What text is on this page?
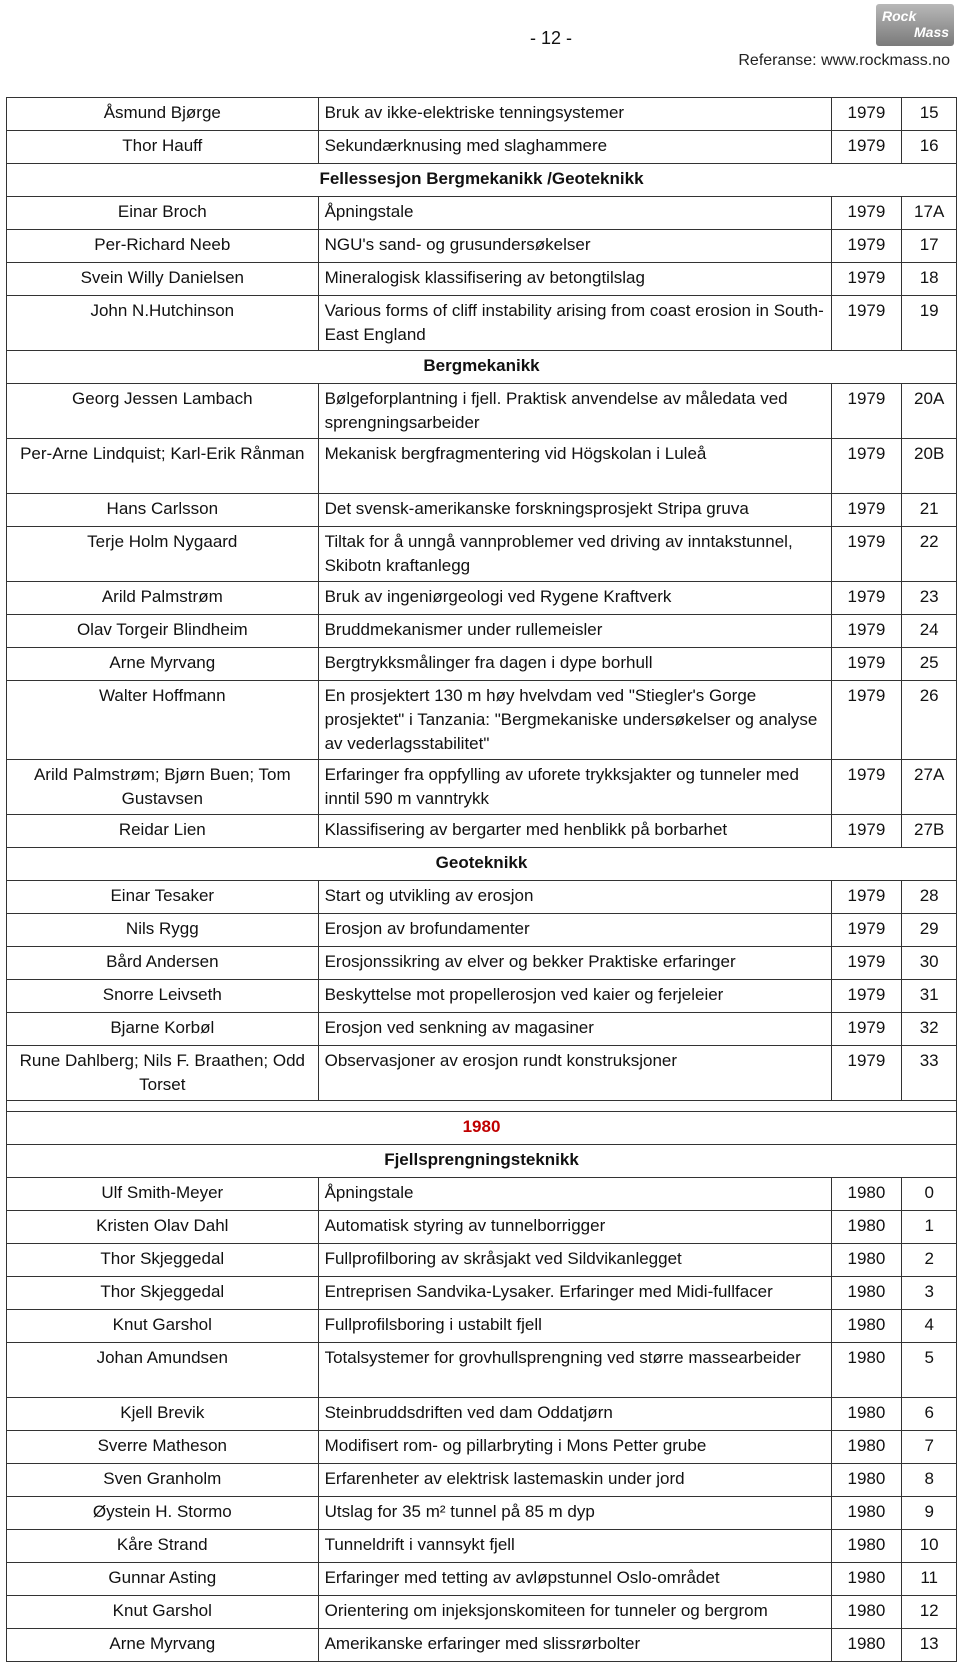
- 12 -
Rock
Mass
Referanse: www.rockmass.no
Åsmund Bjørge	Bruk av ikke-elektriske tenningsystemer	1979	15
Thor Hauff	Sekundærknusing med slaghammere	1979	16
Fellessesjon Bergmekanikk /Geoteknikk			
Einar Broch	Åpningstale	1979	17A
Per-Richard Neeb	NGU's sand- og grusundersøkelser	1979	17
Svein Willy Danielsen	Mineralogisk klassifisering av betongtilslag	1979	18
John N.Hutchinson	Various forms of cliff instability arising from coast erosion in South-East England	1979	19
Bergmekanikk			
Georg Jessen Lambach	Bølgeforplantning i fjell. Praktisk anvendelse av måledata ved sprengningsarbeider	1979	20A
Per-Arne Lindquist; Karl-Erik Rånman	Mekanisk bergfragmentering vid Högskolan i Luleå	1979	20B
Hans Carlsson	Det svensk-amerikanske forskningsprosjekt Stripa gruva	1979	21
Terje Holm Nygaard	Tiltak for å unngå vannproblemer ved driving av inntakstunnel, Skibotn kraftanlegg	1979	22
Arild Palmstrøm	Bruk av ingeniørgeologi ved Rygene Kraftverk	1979	23
Olav Torgeir Blindheim	Bruddmekanismer under rullemeisler	1979	24
Arne Myrvang	Bergtrykksmålinger fra dagen i dype borhull	1979	25
Walter Hoffmann	En prosjektert 130 m høy hvelvdam ved "Stiegler's Gorge prosjektet" i Tanzania: "Bergmekaniske undersøkelser og analyse av vederlagsstabilitet"	1979	26
Arild Palmstrøm; Bjørn Buen; Tom Gustavsen	Erfaringer fra oppfylling av uforete trykksjakter og tunneler med inntil 590 m vanntrykk	1979	27A
Reidar Lien	Klassifisering av bergarter med henblikk på borbarhet	1979	27B
Geoteknikk			
Einar Tesaker	Start og utvikling av erosjon	1979	28
Nils Rygg	Erosjon av brofundamenter	1979	29
Bård Andersen	Erosjonssikring av elver og bekker Praktiske erfaringer	1979	30
Snorre Leivseth	Beskyttelse mot propellerosjon ved kaier og ferjeleier	1979	31
Bjarne Korbøl	Erosjon ved senkning av magasiner	1979	32
Rune Dahlberg; Nils F. Braathen; Odd Torset	Observasjoner av erosjon rundt konstruksjoner	1979	33

1980			
Fjellsprengningsteknikk			
Ulf Smith-Meyer	Åpningstale	1980	0
Kristen Olav Dahl	Automatisk styring av tunnelborrigger	1980	1
Thor Skjeggedal	Fullprofilboring av skråsjakt ved Sildvikanlegget	1980	2
Thor Skjeggedal	Entreprisen Sandvika-Lysaker. Erfaringer med Midi-fullfacer	1980	3
Knut Garshol	Fullprofilsboring i ustabilt fjell	1980	4
Johan Amundsen	Totalsystemer for grovhullsprengning ved større massearbeider	1980	5
Kjell Brevik	Steinbruddsdriften ved dam Oddatjørn	1980	6
Sverre Matheson	Modifisert rom- og pillarbryting i Mons Petter grube	1980	7
Sven Granholm	Erfarenheter av elektrisk lastemaskin under jord	1980	8
Øystein H. Stormo	Utslag for 35 m² tunnel på 85 m dyp	1980	9
Kåre Strand	Tunneldrift i vannsykt fjell	1980	10
Gunnar Asting	Erfaringer med tetting av avløpstunnel Oslo-området	1980	11
Knut Garshol	Orientering om injeksjonskomiteen for tunneler og bergrom	1980	12
Arne Myrvang	Amerikanske erfaringer med slissrørbolter	1980	13
